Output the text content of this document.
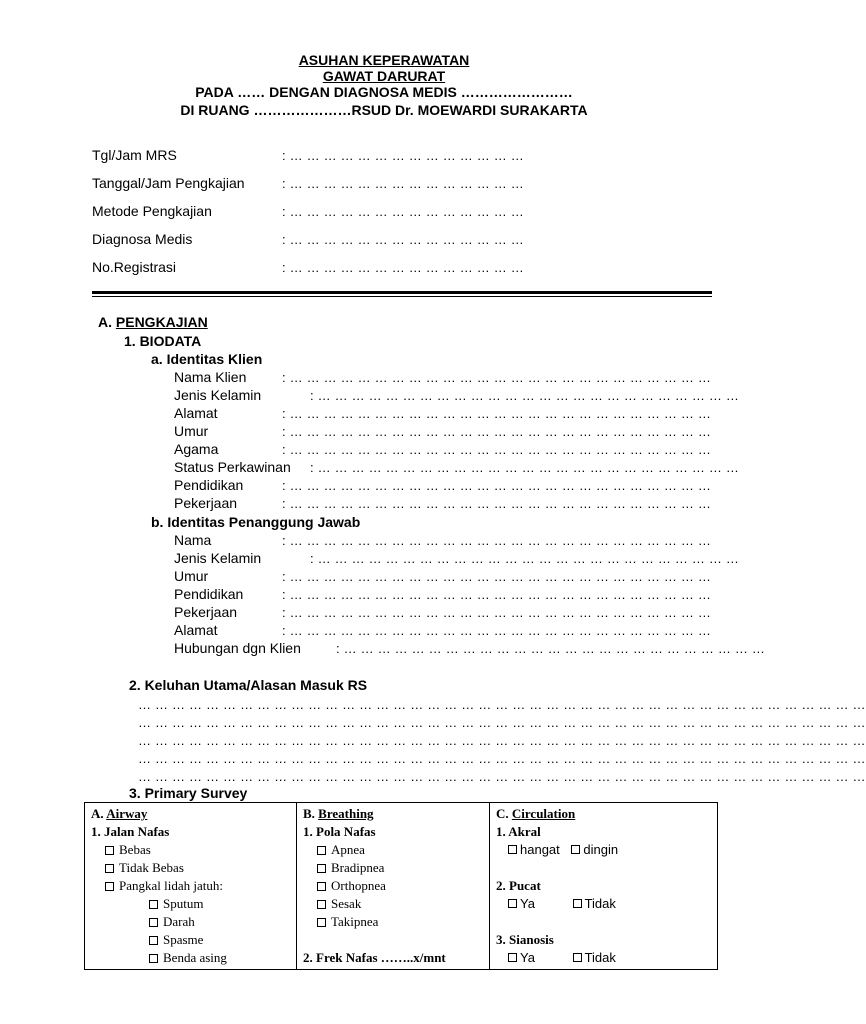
ASUHAN KEPERAWATAN
GAWAT DARURAT
PADA …… DENGAN DIAGNOSA MEDIS ……………………
DI RUANG …………………RSUD Dr. MOEWARDI SURAKARTA
Tgl/Jam MRS	: … … … … … … … … … … … … … …
Tanggal/Jam Pengkajian	: … … … … … … … … … … … … … …
Metode Pengkajian	: … … … … … … … … … … … … … …
Diagnosa Medis	: … … … … … … … … … … … … … …
No.Registrasi	: … … … … … … … … … … … … … …
A. PENGKAJIAN
1. BIODATA
a. Identitas Klien
Nama Klien	: … … … … … … … … … … … … … … … … … … … … … … … … …
Jenis Kelamin	: … … … … … … … … … … … … … … … … … … … … … … … … …
Alamat	: … … … … … … … … … … … … … … … … … … … … … … … … …
Umur	: … … … … … … … … … … … … … … … … … … … … … … … … …
Agama	: … … … … … … … … … … … … … … … … … … … … … … … … …
Status Perkawinan : … … … … … … … … … … … … … … … … … … … … … … … … …
Pendidikan	: … … … … … … … … … … … … … … … … … … … … … … … … …
Pekerjaan	: … … … … … … … … … … … … … … … … … … … … … … … … …
b. Identitas Penanggung Jawab
Nama	: … … … … … … … … … … … … … … … … … … … … … … … … …
Jenis Kelamin	: … … … … … … … … … … … … … … … … … … … … … … … … …
Umur	: … … … … … … … … … … … … … … … … … … … … … … … … …
Pendidikan	: … … … … … … … … … … … … … … … … … … … … … … … … …
Pekerjaan	: … … … … … … … … … … … … … … … … … … … … … … … … …
Alamat	: … … … … … … … … … … … … … … … … … … … … … … … … …
Hubungan dgn Klien	: … … … … … … … … … … … … … … … … … … … … … … … … …
2. Keluhan Utama/Alasan Masuk RS
… … … … … … … … … … … … … … … … … … … … … … … … … … … … … … … … … … … … … … … … … … …
… … … … … … … … … … … … … … … … … … … … … … … … … … … … … … … … … … … … … … … … … … …
… … … … … … … … … … … … … … … … … … … … … … … … … … … … … … … … … … … … … … … … … … …
… … … … … … … … … … … … … … … … … … … … … … … … … … … … … … … … … … … … … … … … … … …
… … … … … … … … … … … … … … … … … … … … … … … … … … … … … … … … … … … … … … … … … … …
3. Primary Survey
A. Airway
1. Jalan Nafas
Bebas
Tidak Bebas
Pangkal lidah jatuh:
Sputum
Darah
Spasme
Benda asing

B. Breathing
1. Pola Nafas
Apnea
Bradipnea
Orthopnea
Sesak
Takipnea
2. Frek Nafas ……..x/mnt

C. Circulation
1. Akral
hangat dingin
2. Pucat
Ya	Tidak
3. Sianosis
Ya	Tidak
